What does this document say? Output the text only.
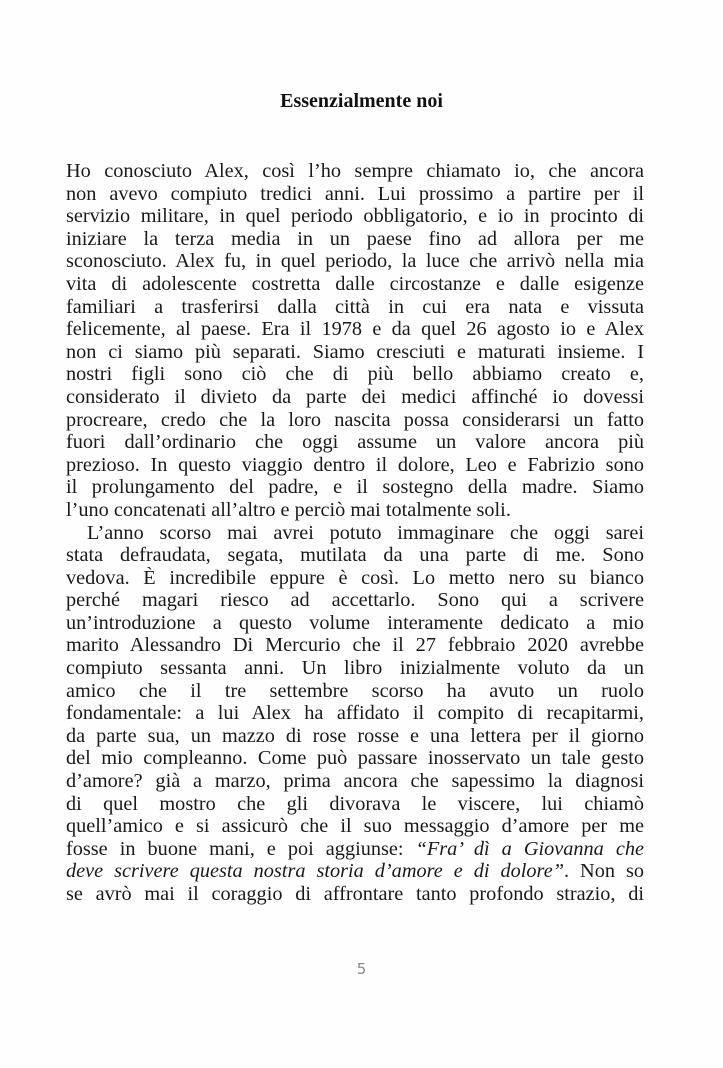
Essenzialmente noi
Ho conosciuto Alex, così l’ho sempre chiamato io, che ancora
non avevo compiuto tredici anni. Lui prossimo a partire per il
servizio militare, in quel periodo obbligatorio, e io in procinto di
iniziare la terza media in un paese fino ad allora per me
sconosciuto. Alex fu, in quel periodo, la luce che arrivò nella mia
vita di adolescente costretta dalle circostanze e dalle esigenze
familiari a trasferirsi dalla città in cui era nata e vissuta
felicemente, al paese. Era il 1978 e da quel 26 agosto io e Alex
non ci siamo più separati. Siamo cresciuti e maturati insieme. I
nostri figli sono ciò che di più bello abbiamo creato e,
considerato il divieto da parte dei medici affinché io dovessi
procreare, credo che la loro nascita possa considerarsi un fatto
fuori dall’ordinario che oggi assume un valore ancora più
prezioso. In questo viaggio dentro il dolore, Leo e Fabrizio sono
il prolungamento del padre, e il sostegno della madre. Siamo
l’uno concatenati all’altro e perciò mai totalmente soli.
L’anno scorso mai avrei potuto immaginare che oggi sarei
stata defraudata, segata, mutilata da una parte di me. Sono
vedova. È incredibile eppure è così. Lo metto nero su bianco
perché magari riesco ad accettarlo. Sono qui a scrivere
un’introduzione a questo volume interamente dedicato a mio
marito Alessandro Di Mercurio che il 27 febbraio 2020 avrebbe
compiuto sessanta anni. Un libro inizialmente voluto da un
amico che il tre settembre scorso ha avuto un ruolo
fondamentale: a lui Alex ha affidato il compito di recapitarmi,
da parte sua, un mazzo di rose rosse e una lettera per il giorno
del mio compleanno. Come può passare inosservato un tale gesto
d’amore? già a marzo, prima ancora che sapessimo la diagnosi
di quel mostro che gli divorava le viscere, lui chiamò
quell’amico e si assicurò che il suo messaggio d’amore per me
fosse in buone mani, e poi aggiunse: “Fra’ dì a Giovanna che
deve scrivere questa nostra storia d’amore e di dolore”. Non so
se avrò mai il coraggio di affrontare tanto profondo strazio, di
5
